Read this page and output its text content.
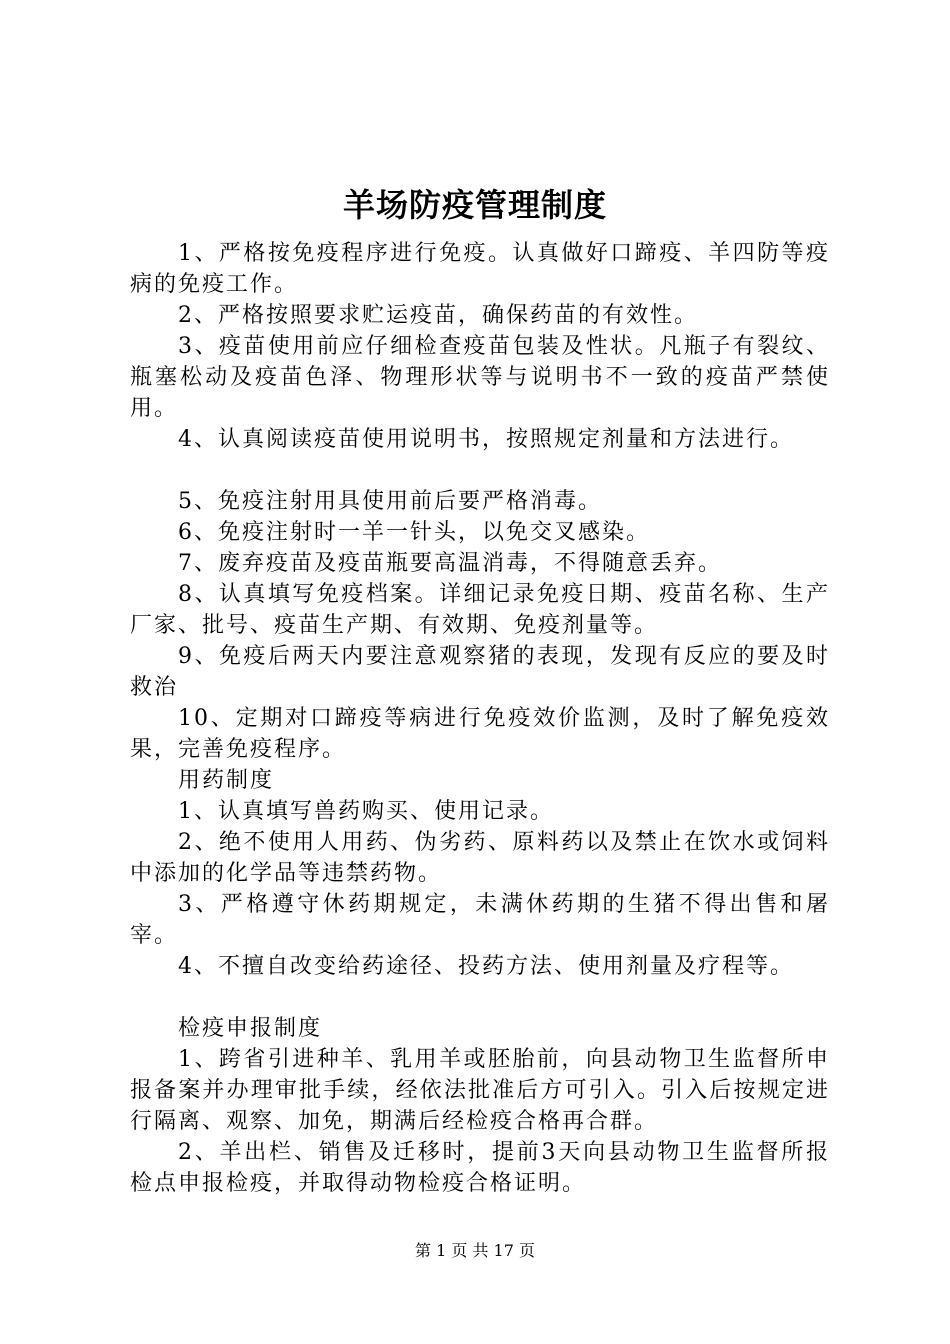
羊场防疫管理制度

1、严格按免疫程序进行免疫。认真做好口蹄疫、羊四防等疫病的免疫工作。

2、严格按照要求贮运疫苗，确保药苗的有效性。

3、疫苗使用前应仔细检查疫苗包装及性状。凡瓶子有裂纹、瓶塞松动及疫苗色泽、物理形状等与说明书不一致的疫苗严禁使用。

4、认真阅读疫苗使用说明书，按照规定剂量和方法进行。

5、免疫注射用具使用前后要严格消毒。

6、免疫注射时一羊一针头，以免交叉感染。

7、废弃疫苗及疫苗瓶要高温消毒，不得随意丢弃。

8、认真填写免疫档案。详细记录免疫日期、疫苗名称、生产厂家、批号、疫苗生产期、有效期、免疫剂量等。

9、免疫后两天内要注意观察猪的表现，发现有反应的要及时救治

10、定期对口蹄疫等病进行免疫效价监测，及时了解免疫效果，完善免疫程序。

用药制度

1、认真填写兽药购买、使用记录。

2、绝不使用人用药、伪劣药、原料药以及禁止在饮水或饲料中添加的化学品等违禁药物。

3、严格遵守休药期规定，未满休药期的生猪不得出售和屠宰。

4、不擅自改变给药途径、投药方法、使用剂量及疗程等。

检疫申报制度

1、跨省引进种羊、乳用羊或胚胎前，向县动物卫生监督所申报备案并办理审批手续，经依法批准后方可引入。引入后按规定进行隔离、观察、加免，期满后经检疫合格再合群。

2、羊出栏、销售及迁移时，提前3天向县动物卫生监督所报检点申报检疫，并取得动物检疫合格证明。

第 1 页 共 17 页
